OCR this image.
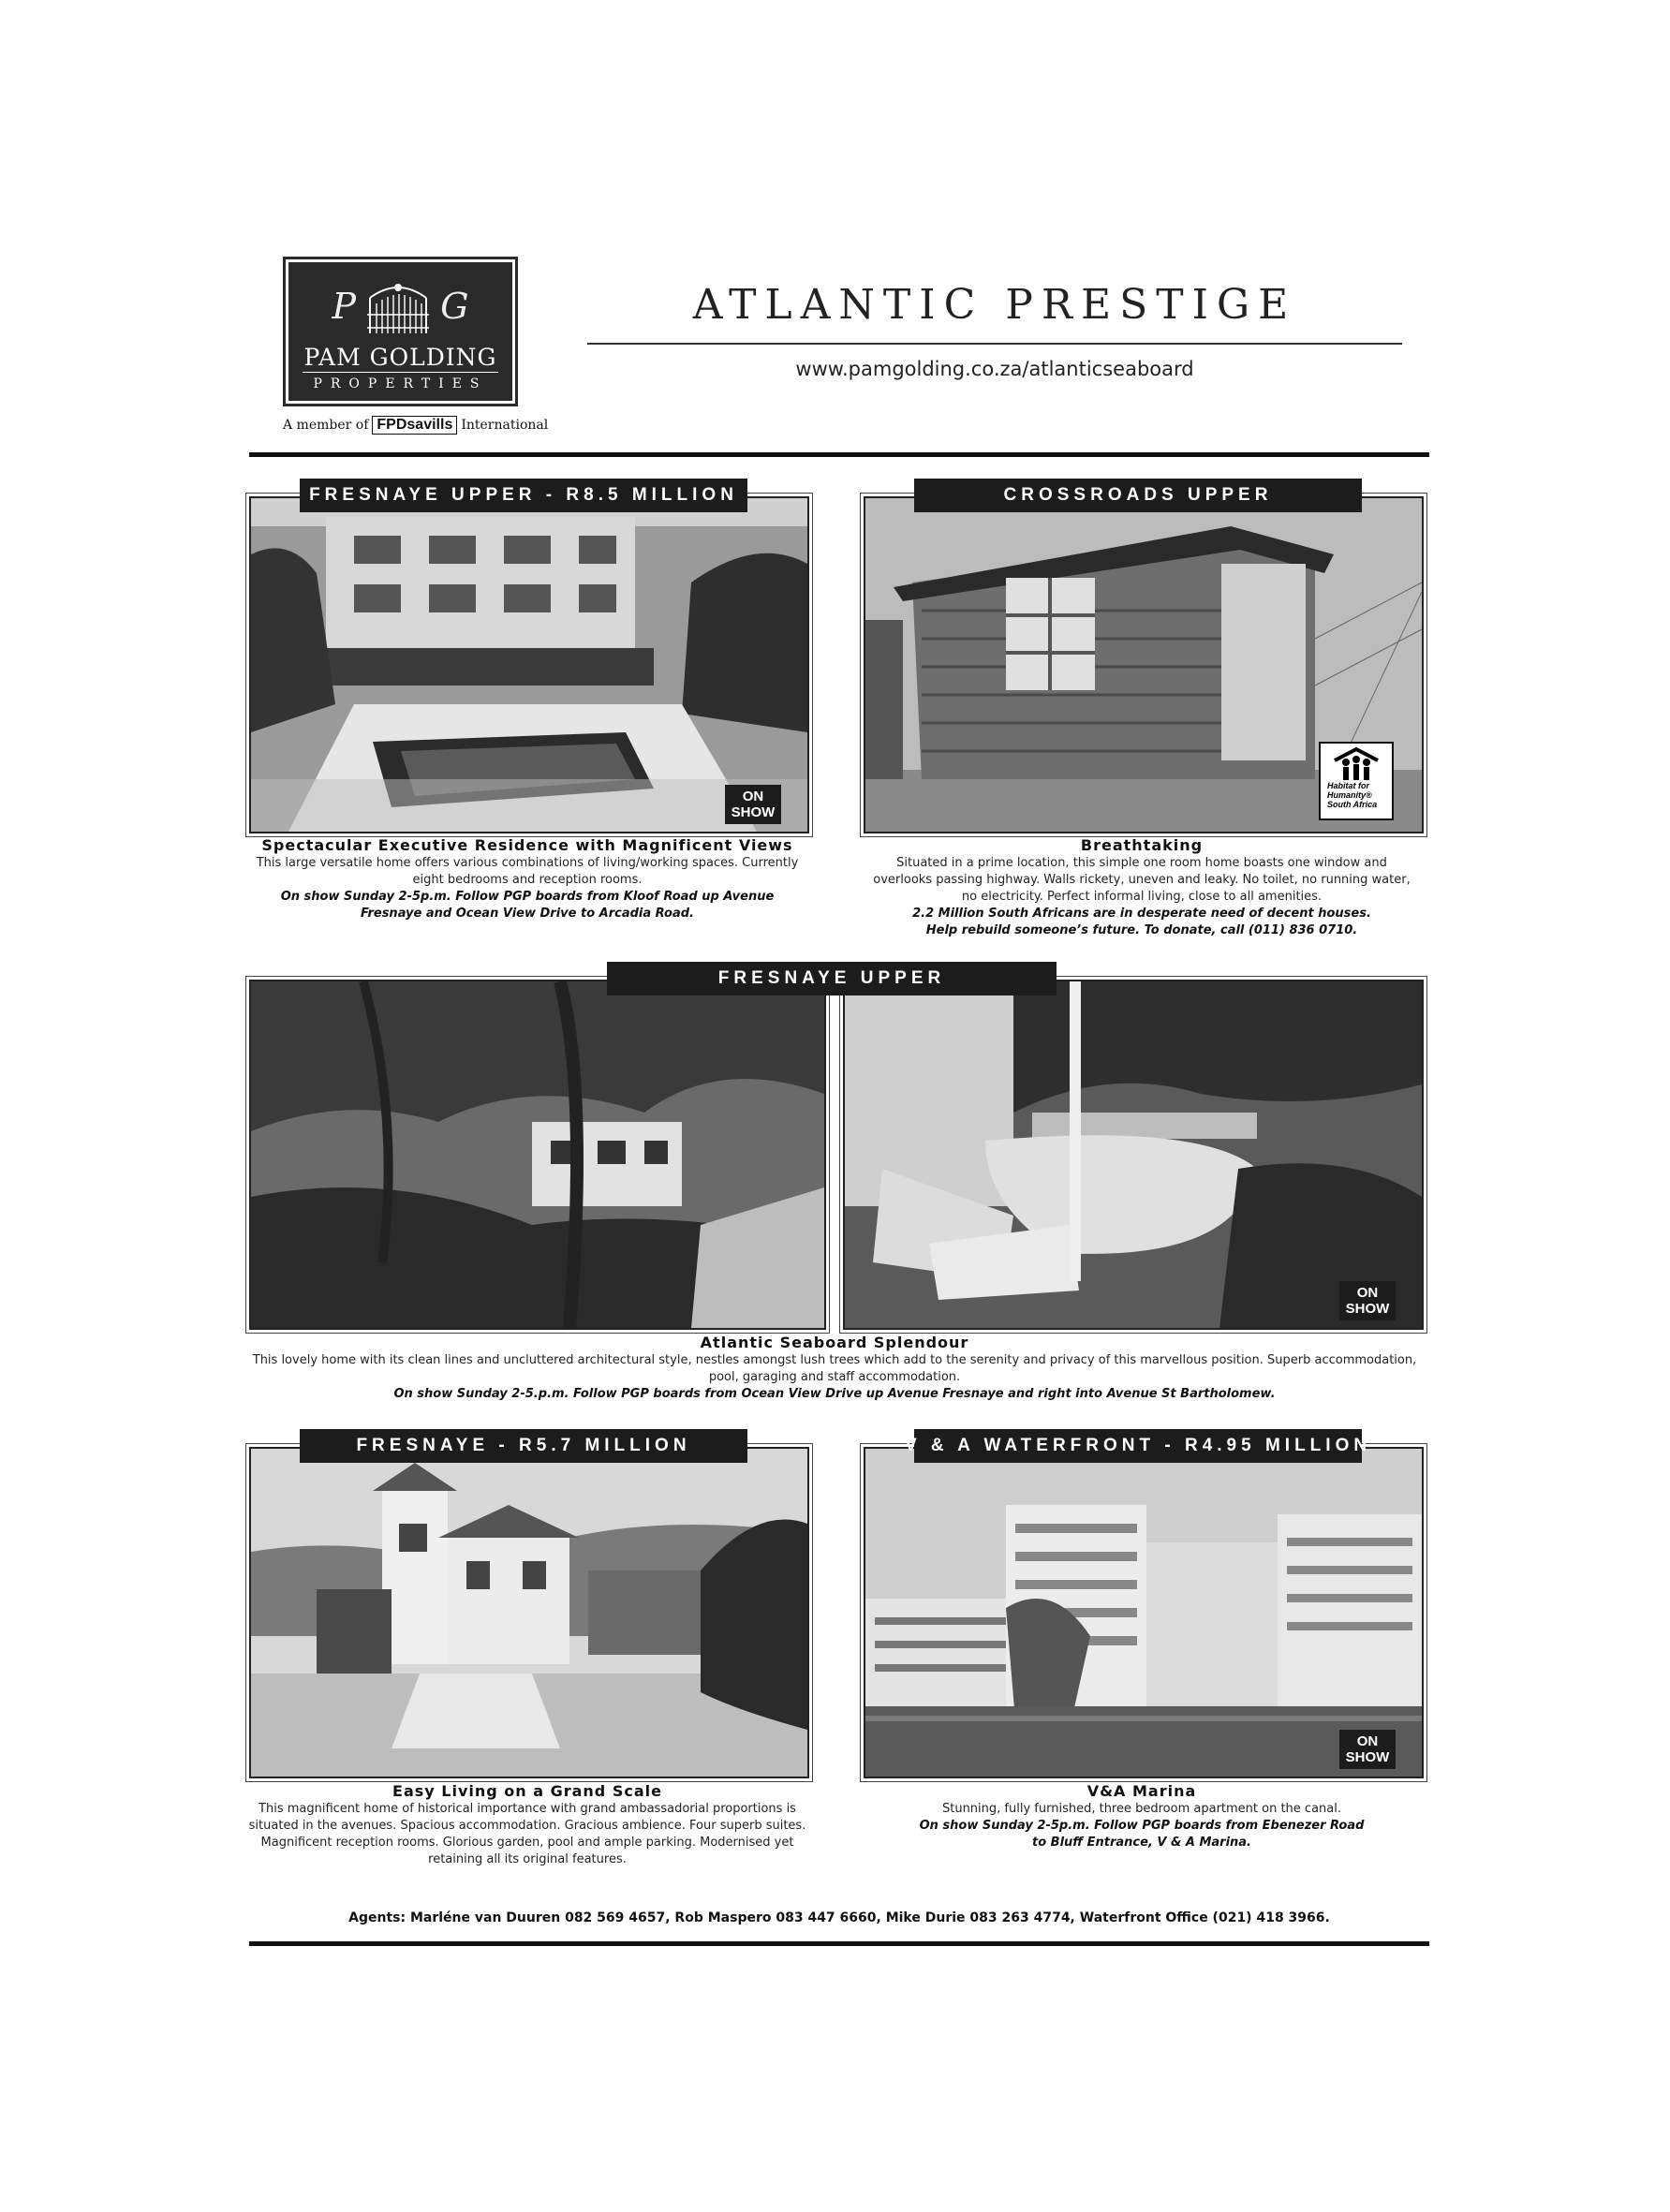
P G
PAM GOLDING
PROPERTIES
A member of FPDsavills International
ATLANTIC PRESTIGE
www.pamgolding.co.za/atlanticseaboard
FRESNAYE UPPER - R8.5 MILLION
ON
SHOW
Spectacular Executive Residence with Magnificent Views
This large versatile home offers various combinations of living/working spaces. Currently
eight bedrooms and reception rooms.
On show Sunday 2-5p.m. Follow PGP boards from Kloof Road up Avenue
Fresnaye and Ocean View Drive to Arcadia Road.
CROSSROADS UPPER
Habitat for Humanity® South Africa
Breathtaking
Situated in a prime location, this simple one room home boasts one window and
overlooks passing highway. Walls rickety, uneven and leaky. No toilet, no running water,
no electricity. Perfect informal living, close to all amenities.
2.2 Million South Africans are in desperate need of decent houses.
Help rebuild someone’s future. To donate, call (011) 836 0710.
FRESNAYE UPPER
ON
SHOW
Atlantic Seaboard Splendour
This lovely home with its clean lines and uncluttered architectural style, nestles amongst lush trees which add to the serenity and privacy of this marvellous position. Superb accommodation,
pool, garaging and staff accommodation.
On show Sunday 2-5.p.m. Follow PGP boards from Ocean View Drive up Avenue Fresnaye and right into Avenue St Bartholomew.
FRESNAYE - R5.7 MILLION
Easy Living on a Grand Scale
This magnificent home of historical importance with grand ambassadorial proportions is
situated in the avenues. Spacious accommodation. Gracious ambience. Four superb suites.
Magnificent reception rooms. Glorious garden, pool and ample parking. Modernised yet
retaining all its original features.
V & A WATERFRONT - R4.95 MILLION
ON
SHOW
V&A Marina
Stunning, fully furnished, three bedroom apartment on the canal.
On show Sunday 2-5p.m. Follow PGP boards from Ebenezer Road
to Bluff Entrance, V & A Marina.
Agents: Marléne van Duuren 082 569 4657, Rob Maspero 083 447 6660, Mike Durie 083 263 4774, Waterfront Office (021) 418 3966.
